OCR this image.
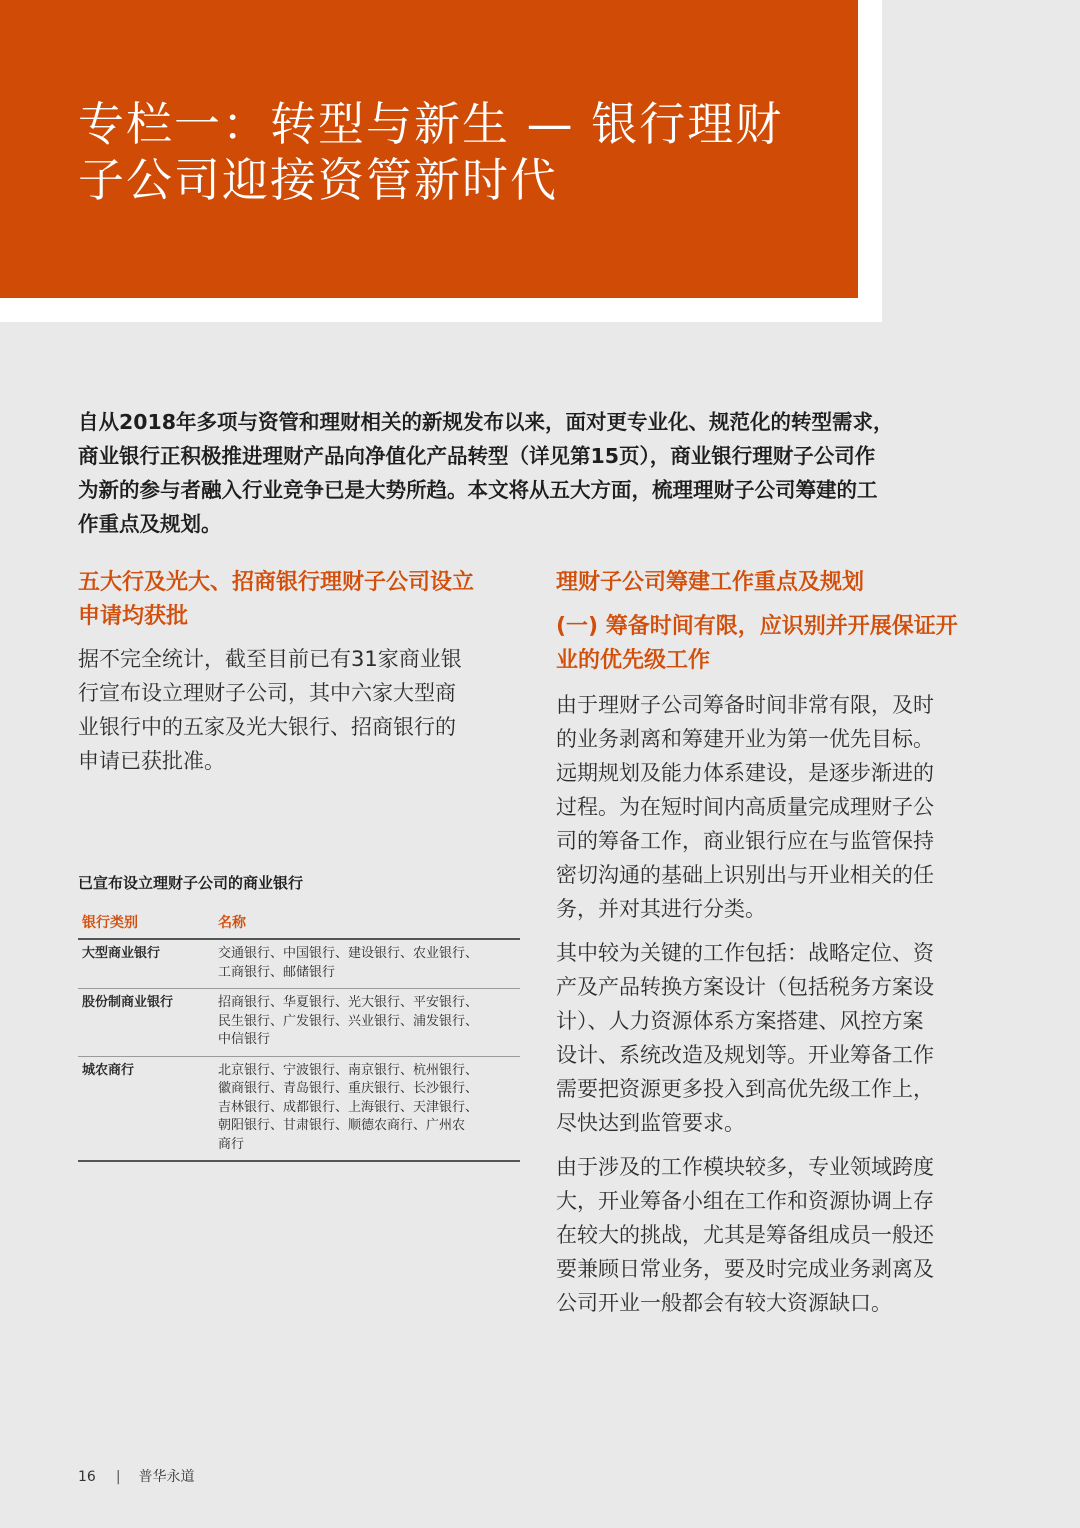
专栏一：转型与新生 — 银行理财
子公司迎接资管新时代

自从2018年多项与资管和理财相关的新规发布以来，面对更专业化、规范化的转型需求，
商业银行正积极推进理财产品向净值化产品转型（详见第15页），商业银行理财子公司作
为新的参与者融入行业竞争已是大势所趋。本文将从五大方面，梳理理财子公司筹建的工
作重点及规划。

五大行及光大、招商银行理财子公司设立
申请均获批

据不完全统计，截至目前已有31家商业银
行宣布设立理财子公司，其中六家大型商
业银行中的五家及光大银行、招商银行的
申请已获批准。

已宣布设立理财子公司的商业银行
银行类别	名称
大型商业银行	交通银行、中国银行、建设银行、农业银行、
工商银行、邮储银行

股份制商业银行	招商银行、华夏银行、光大银行、平安银行、
民生银行、广发银行、兴业银行、浦发银行、
中信银行

城农商行	北京银行、宁波银行、南京银行、杭州银行、
徽商银行、青岛银行、重庆银行、长沙银行、
吉林银行、成都银行、上海银行、天津银行、
朝阳银行、甘肃银行、顺德农商行、广州农
商行
理财子公司筹建工作重点及规划
(一) 筹备时间有限，应识别并开展保证开
业的优先级工作

由于理财子公司筹备时间非常有限，及时
的业务剥离和筹建开业为第一优先目标。
远期规划及能力体系建设，是逐步渐进的
过程。为在短时间内高质量完成理财子公
司的筹备工作，商业银行应在与监管保持
密切沟通的基础上识别出与开业相关的任
务，并对其进行分类。

其中较为关键的工作包括：战略定位、资
产及产品转换方案设计（包括税务方案设
计）、人力资源体系方案搭建、风控方案
设计、系统改造及规划等。开业筹备工作
需要把资源更多投入到高优先级工作上，
尽快达到监管要求。

由于涉及的工作模块较多，专业领域跨度
大，开业筹备小组在工作和资源协调上存
在较大的挑战，尤其是筹备组成员一般还
要兼顾日常业务，要及时完成业务剥离及
公司开业一般都会有较大资源缺口。

16 | 普华永道
